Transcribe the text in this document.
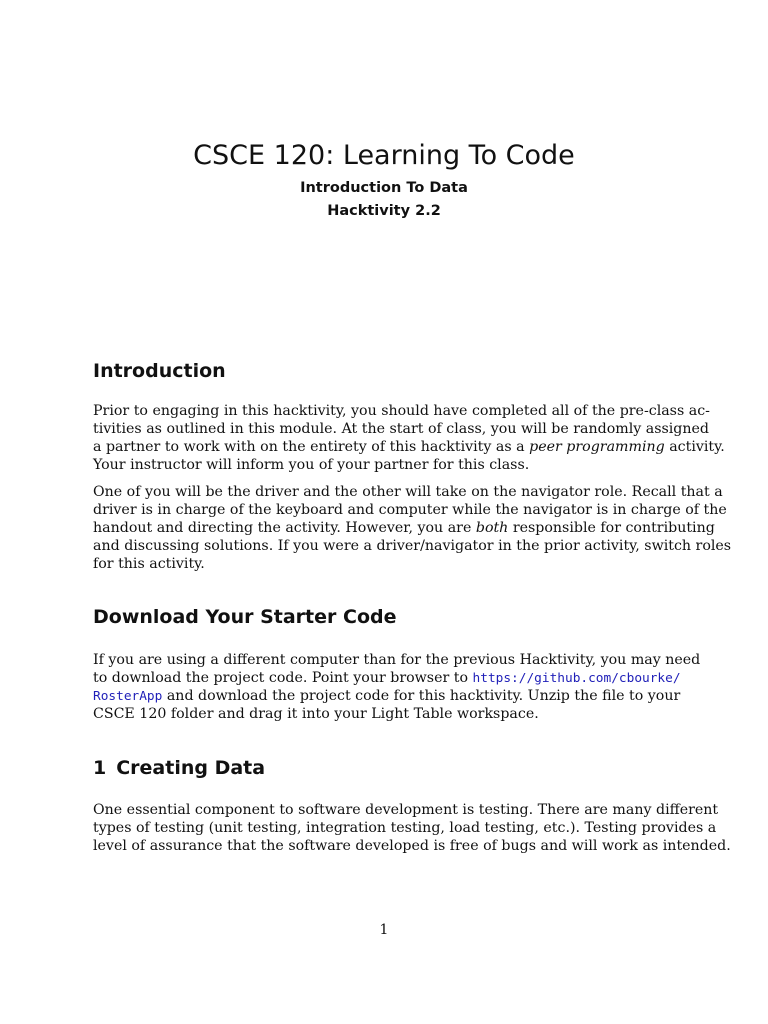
CSCE 120: Learning To Code
Introduction To Data
Hacktivity 2.2
Introduction
Prior to engaging in this hacktivity, you should have completed all of the pre-class ac-
tivities as outlined in this module. At the start of class, you will be randomly assigned
a partner to work with on the entirety of this hacktivity as a peer programming activity.
Your instructor will inform you of your partner for this class.
One of you will be the driver and the other will take on the navigator role. Recall that a
driver is in charge of the keyboard and computer while the navigator is in charge of the
handout and directing the activity. However, you are both responsible for contributing
and discussing solutions. If you were a driver/navigator in the prior activity, switch roles
for this activity.
Download Your Starter Code
If you are using a different computer than for the previous Hacktivity, you may need
to download the project code. Point your browser to https://github.com/cbourke/
RosterApp and download the project code for this hacktivity. Unzip the file to your
CSCE 120 folder and drag it into your Light Table workspace.
1 Creating Data
One essential component to software development is testing. There are many different
types of testing (unit testing, integration testing, load testing, etc.). Testing provides a
level of assurance that the software developed is free of bugs and will work as intended.
1
